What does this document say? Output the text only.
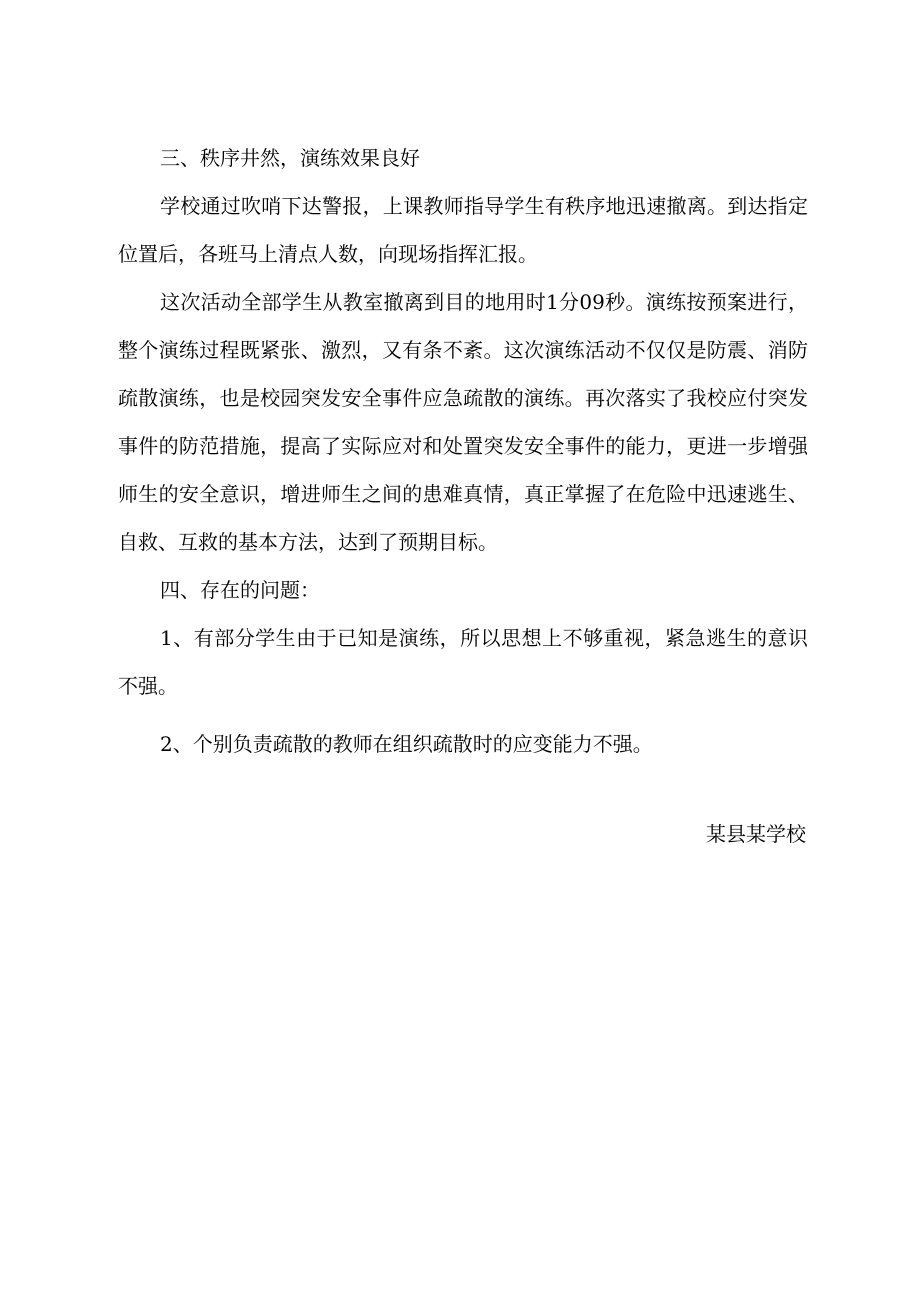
三、秩序井然，演练效果良好

学校通过吹哨下达警报，上课教师指导学生有秩序地迅速撤离。到达指定位置后，各班马上清点人数，向现场指挥汇报。

这次活动全部学生从教室撤离到目的地用时1分09秒。演练按预案进行，整个演练过程既紧张、激烈，又有条不紊。这次演练活动不仅仅是防震、消防疏散演练，也是校园突发安全事件应急疏散的演练。再次落实了我校应付突发事件的防范措施，提高了实际应对和处置突发安全事件的能力，更进一步增强师生的安全意识，增进师生之间的患难真情，真正掌握了在危险中迅速逃生、自救、互救的基本方法，达到了预期目标。

四、存在的问题：

1、有部分学生由于已知是演练，所以思想上不够重视，紧急逃生的意识不强。

2、个别负责疏散的教师在组织疏散时的应变能力不强。

某县某学校
